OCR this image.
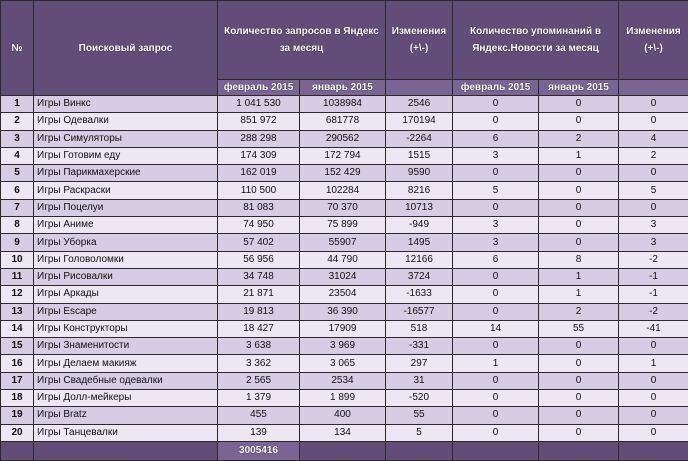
№	Поисковый запрос	Количество запросов в Яндекс за месяц		Изменения (+\-)	Количество упоминаний в Яндекс.Новости за месяц		Изменения (+\-)
		февраль 2015	январь 2015		февраль 2015	январь 2015	
1	Игры Винкс	1 041 530	1038984	2546	0	0	0
2	Игры Одевалки	851 972	681778	170194	0	0	0
3	Игры Симуляторы	288 298	290562	-2264	6	2	4
4	Игры Готовим еду	174 309	172 794	1515	3	1	2
5	Игры Парикмахерские	162 019	152 429	9590	0	0	0
6	Игры Раскраски	110 500	102284	8216	5	0	5
7	Игры Поцелуи	81 083	70 370	10713	0	0	0
8	Игры Аниме	74 950	75 899	-949	3	0	3
9	Игры Уборка	57 402	55907	1495	3	0	3
10	Игры Головоломки	56 956	44 790	12166	6	8	-2
11	Игры Рисовалки	34 748	31024	3724	0	1	-1
12	Игры Аркады	21 871	23504	-1633	0	1	-1
13	Игры Escape	19 813	36 390	-16577	0	2	-2
14	Игры Конструкторы	18 427	17909	518	14	55	-41
15	Игры Знаменитости	3 638	3 969	-331	0	0	0
16	Игры Делаем макияж	3 362	3 065	297	1	0	1
17	Игры Свадебные одевалки	2 565	2534	31	0	0	0
18	Игры Долл-мейкеры	1 379	1 899	-520	0	0	0
19	Игры Bratz	455	400	55	0	0	0
20	Игры Танцевалки	139	134	5	0	0	0
		3005416					
